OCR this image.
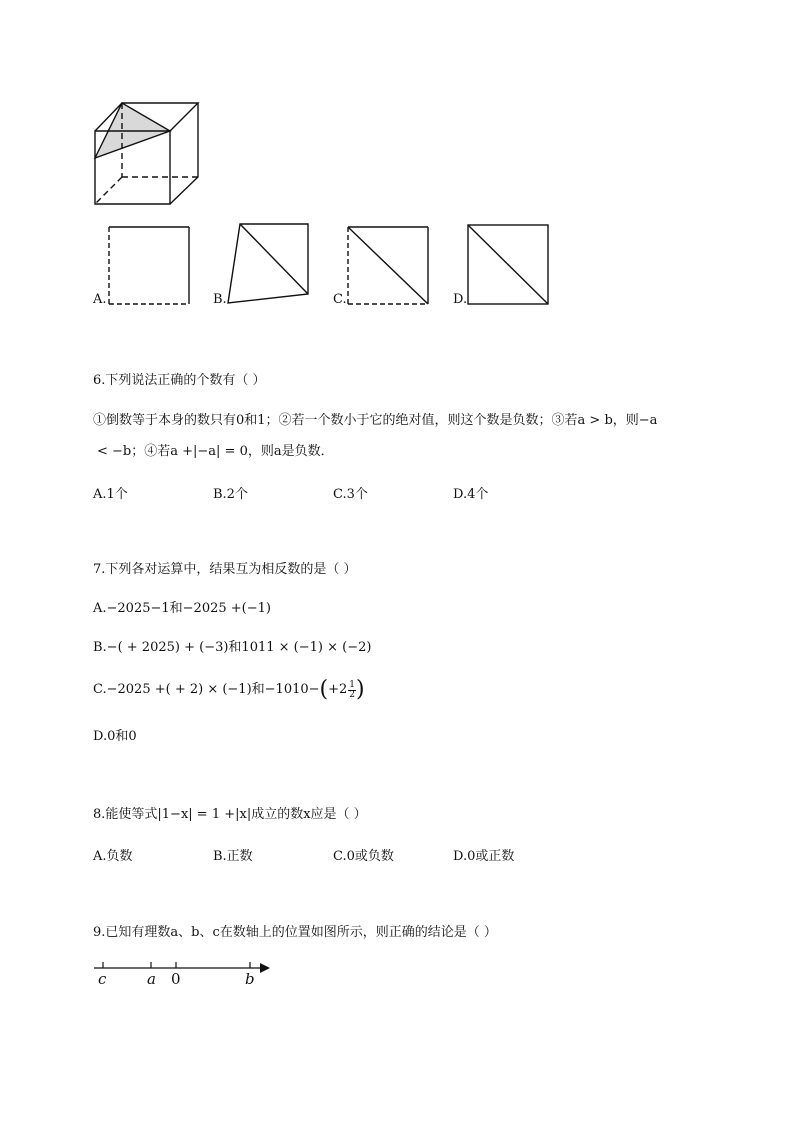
A.	B.	C.	D.
6.下列说法正确的个数有（ ）
①倒数等于本身的数只有0和1；②若一个数小于它的绝对值，则这个数是负数；③若a > b，则−a
< −b；④若a +|−a| = 0，则a是负数．
A.1个	B.2个	C.3个	D.4个
7.下列各对运算中，结果互为相反数的是（ ）
A.−2025−1和−2025 +(−1)
B.−( + 2025) + (−3)和1011 × (−1) × (−2)
C.−2025 +( + 2) × (−1)和−1010− ( $+2 \frac{1}{2}$ )
D.0和0
8.能使等式|1−x| = 1 +|x|成立的数x应是（ ）
A.负数	B.正数	C.0或负数	D.0或正数
9.已知有理数a、b、c在数轴上的位置如图所示，则正确的结论是（ ）
c	a 0	b
